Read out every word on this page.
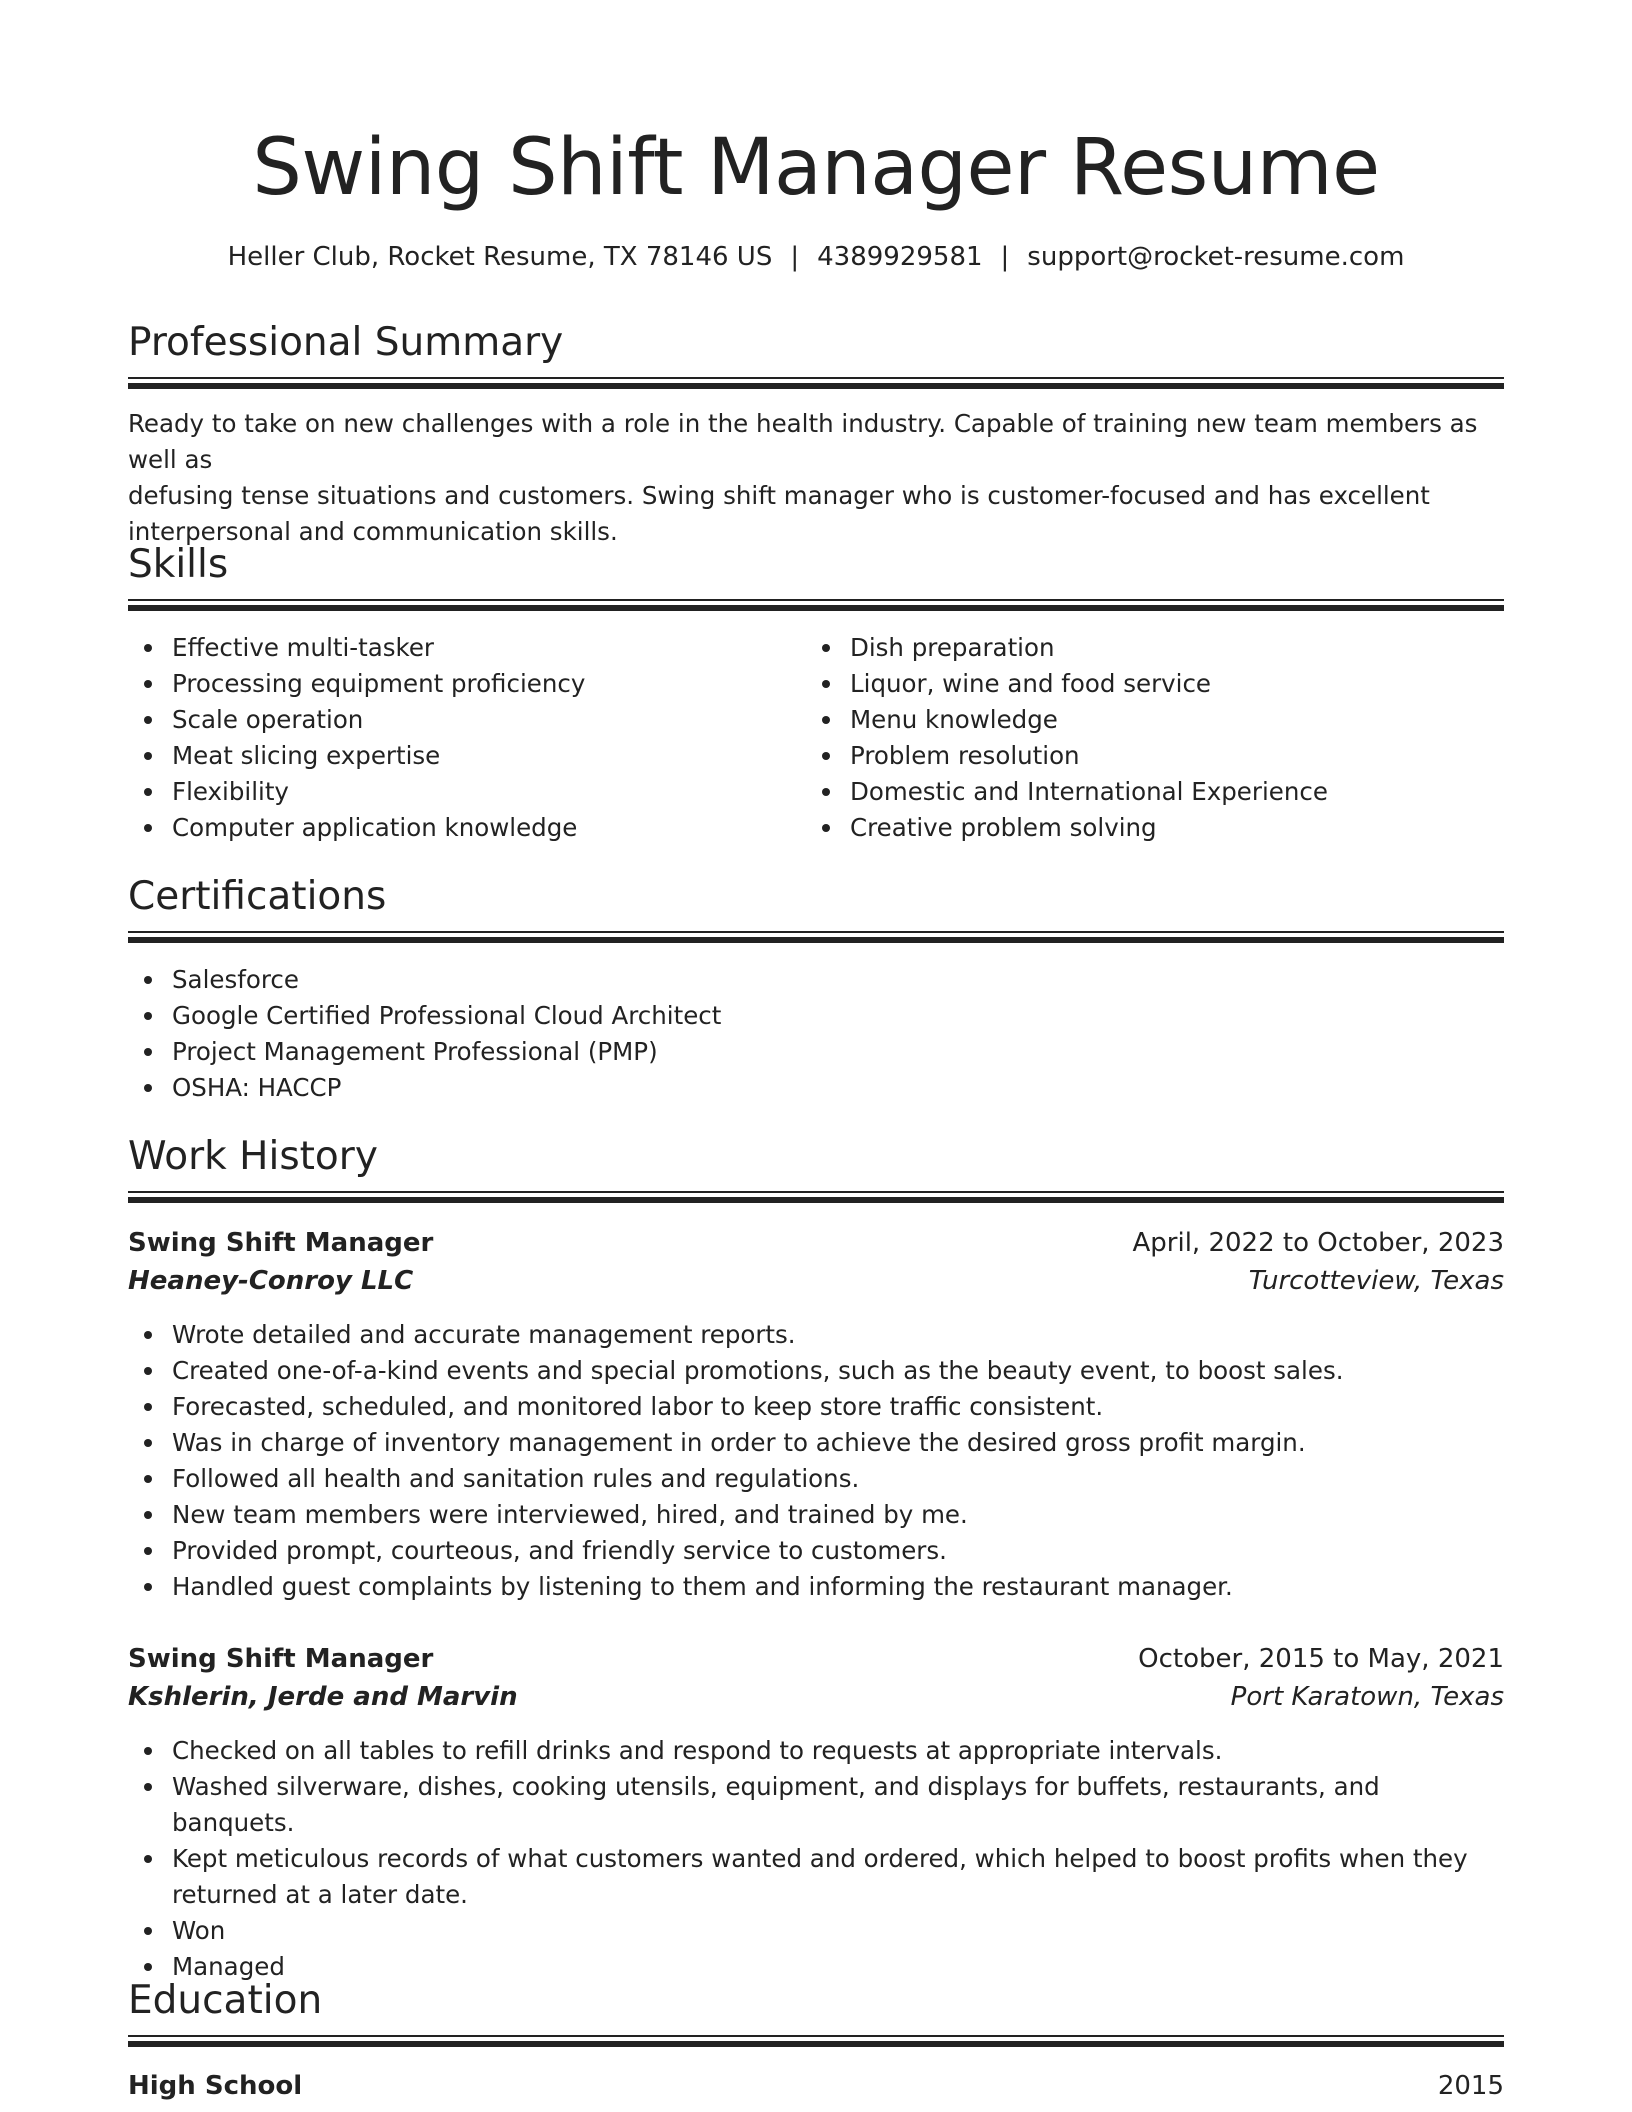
Swing Shift Manager Resume
Heller Club, Rocket Resume, TX 78146 US | 4389929581 | support@rocket-resume.com
Professional Summary
Ready to take on new challenges with a role in the health industry. Capable of training new team members as well as
defusing tense situations and customers. Swing shift manager who is customer-focused and has excellent
interpersonal and communication skills.
Skills
Effective multi-tasker
Processing equipment proficiency
Scale operation
Meat slicing expertise
Flexibility
Computer application knowledge
Dish preparation
Liquor, wine and food service
Menu knowledge
Problem resolution
Domestic and International Experience
Creative problem solving
Certifications
Salesforce
Google Certified Professional Cloud Architect
Project Management Professional (PMP)
OSHA: HACCP
Work History
Swing Shift Manager	April, 2022 to October, 2023
Heaney-Conroy LLC	Turcotteview, Texas
Wrote detailed and accurate management reports.
Created one-of-a-kind events and special promotions, such as the beauty event, to boost sales.
Forecasted, scheduled, and monitored labor to keep store traffic consistent.
Was in charge of inventory management in order to achieve the desired gross profit margin.
Followed all health and sanitation rules and regulations.
New team members were interviewed, hired, and trained by me.
Provided prompt, courteous, and friendly service to customers.
Handled guest complaints by listening to them and informing the restaurant manager.
Swing Shift Manager	October, 2015 to May, 2021
Kshlerin, Jerde and Marvin	Port Karatown, Texas
Checked on all tables to refill drinks and respond to requests at appropriate intervals.
Washed silverware, dishes, cooking utensils, equipment, and displays for buffets, restaurants, and banquets.
Kept meticulous records of what customers wanted and ordered, which helped to boost profits when they
returned at a later date.
Won
Managed
Education
High School	2015
